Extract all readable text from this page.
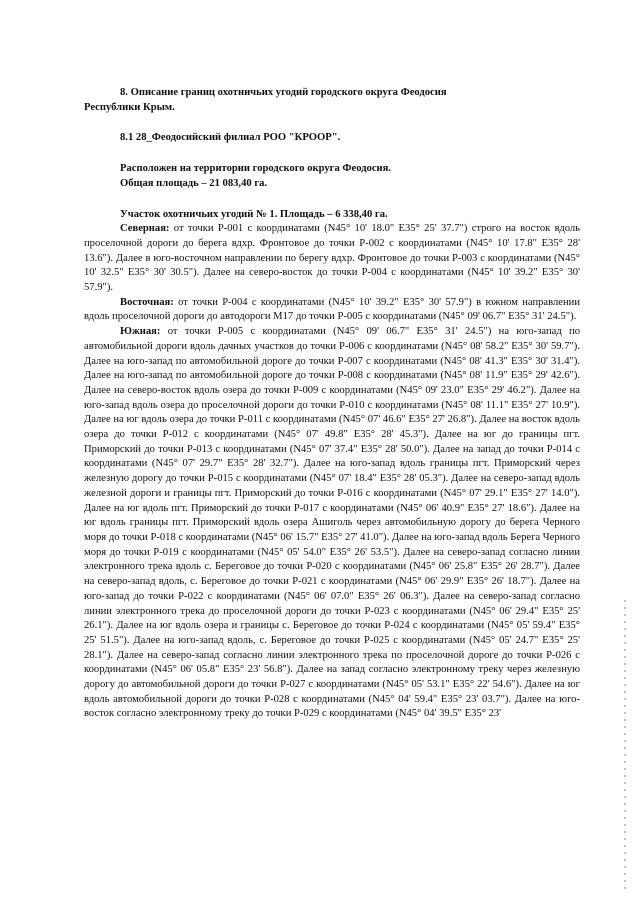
8. Описание границ охотничьих угодий городского округа Феодосия

Республики Крым.

8.1 28_Феодосийский филиал РОО "КРООР".

Расположен на территории городского округа Феодосия.

Общая площадь – 21 083,40 га.

Участок охотничьих угодий № 1. Площадь – 6 338,40 га.

Северная: от точки Р-001 с координатами (N45° 10' 18.0" E35° 25' 37.7") строго на восток вдоль проселочной дороги до берега вдхр. Фронтовое до точки Р-002 с координатами (N45° 10' 17.8" E35° 28' 13.6"). Далее в юго-восточном направлении по берегу вдхр. Фронтовое до точки Р-003 с координатами (N45° 10' 32.5" E35° 30' 30.5"). Далее на северо-восток до точки Р-004 с координатами (N45° 10' 39.2" E35° 30' 57.9").

Восточная: от точки Р-004 с координатами (N45° 10' 39.2" E35° 30' 57.9") в южном направлении вдоль проселочной дороги до автодороги М17 до точки Р-005 с координатами (N45° 09' 06.7" E35° 31' 24.5").

Южная: от точки Р-005 с координатами (N45° 09' 06.7" E35° 31' 24.5") на юго-запад по автомобильной дороги вдоль дачных участков до точки Р-006 с координатами (N45° 08' 58.2" E35° 30' 59.7"). Далее на юго-запад по автомобильной дороге до точки Р-007 с координатами (N45° 08' 41.3" E35° 30' 31.4"). Далее на юго-запад по автомобильной дороге до точки Р-008 с координатами (N45° 08' 11.9" E35° 29' 42.6"). Далее на северо-восток вдоль озера до точки Р-009 с координатами (N45° 09' 23.0" E35° 29' 46.2"). Далее на юго-запад вдоль озера до проселочной дороги до точки Р-010 с координатами (N45° 08' 11.1" E35° 27' 10.9"). Далее на юг вдоль озера до точки Р-011 с координатами (N45° 07' 46.6" E35° 27' 26.8"). Далее на восток вдоль озера до точки Р-012 с координатами (N45° 07' 49.8" E35° 28' 45.3"). Далее на юг до границы пгт. Приморский до точки Р-013 с координатами (N45° 07' 37.4" E35° 28' 50.0"). Далее на запад до точки Р-014 с координатами (N45° 07' 29.7" E35° 28' 32.7"). Далее на юго-запад вдоль границы пгт. Приморский через железную дорогу до точки Р-015 с координатами (N45° 07' 18.4" E35° 28' 05.3"). Далее на северо-запад вдоль железной дороги и границы пгт. Приморский до точки Р-016 с координатами (N45° 07' 29.1" E35° 27' 14.0"). Далее на юг вдоль пгт. Приморский до точки Р-017 с координатами (N45° 06' 40.9" E35° 27' 18.6"). Далее на юг вдоль границы пгт. Приморский вдоль озера Ашиголь через автомобильную дорогу до берега Черного моря до точки Р-018 с координатами (N45° 06' 15.7" E35° 27' 41.0"). Далее на юго-запад вдоль Берега Черного моря до точки Р-019 с координатами (N45° 05' 54.0" E35° 26' 53.5"). Далее на северо-запад согласно линии электронного трека вдоль с. Береговое до точки Р-020 с координатами (N45° 06' 25.8" E35° 26' 28.7"). Далее на северо-запад вдоль, с. Береговое до точки Р-021 с координатами (N45° 06' 29.9" E35° 26' 18.7"). Далее на юго-запад до точки Р-022 с координатами (N45° 06' 07.0" E35° 26' 06.3"). Далее на северо-запад согласно линии электронного трека до проселочной дороги до точки Р-023 с координатами (N45° 06' 29.4" E35° 25' 26.1"). Далее на юг вдоль озера и границы с. Береговое до точки Р-024 с координатами (N45° 05' 59.4" E35° 25' 51.5"). Далее на юго-запад вдоль, с. Береговое до точки Р-025 с координатами (N45° 05' 24.7" E35° 25' 28.1"). Далее на северо-запад согласно линии электронного трека по проселочной дороге до точки Р-026 с координатами (N45° 06' 05.8" E35° 23' 56.8"). Далее на запад согласно электронному треку через железную дорогу до автомобильной дороги до точки Р-027 с координатами (N45° 05' 53.1" E35° 22' 54.6"). Далее на юг вдоль автомобильной дороги до точки Р-028 с координатами (N45° 04' 59.4" E35° 23' 03.7"). Далее на юго-восток согласно электронному треку до точки Р-029 с координатами (N45° 04' 39.5" E35° 23'
